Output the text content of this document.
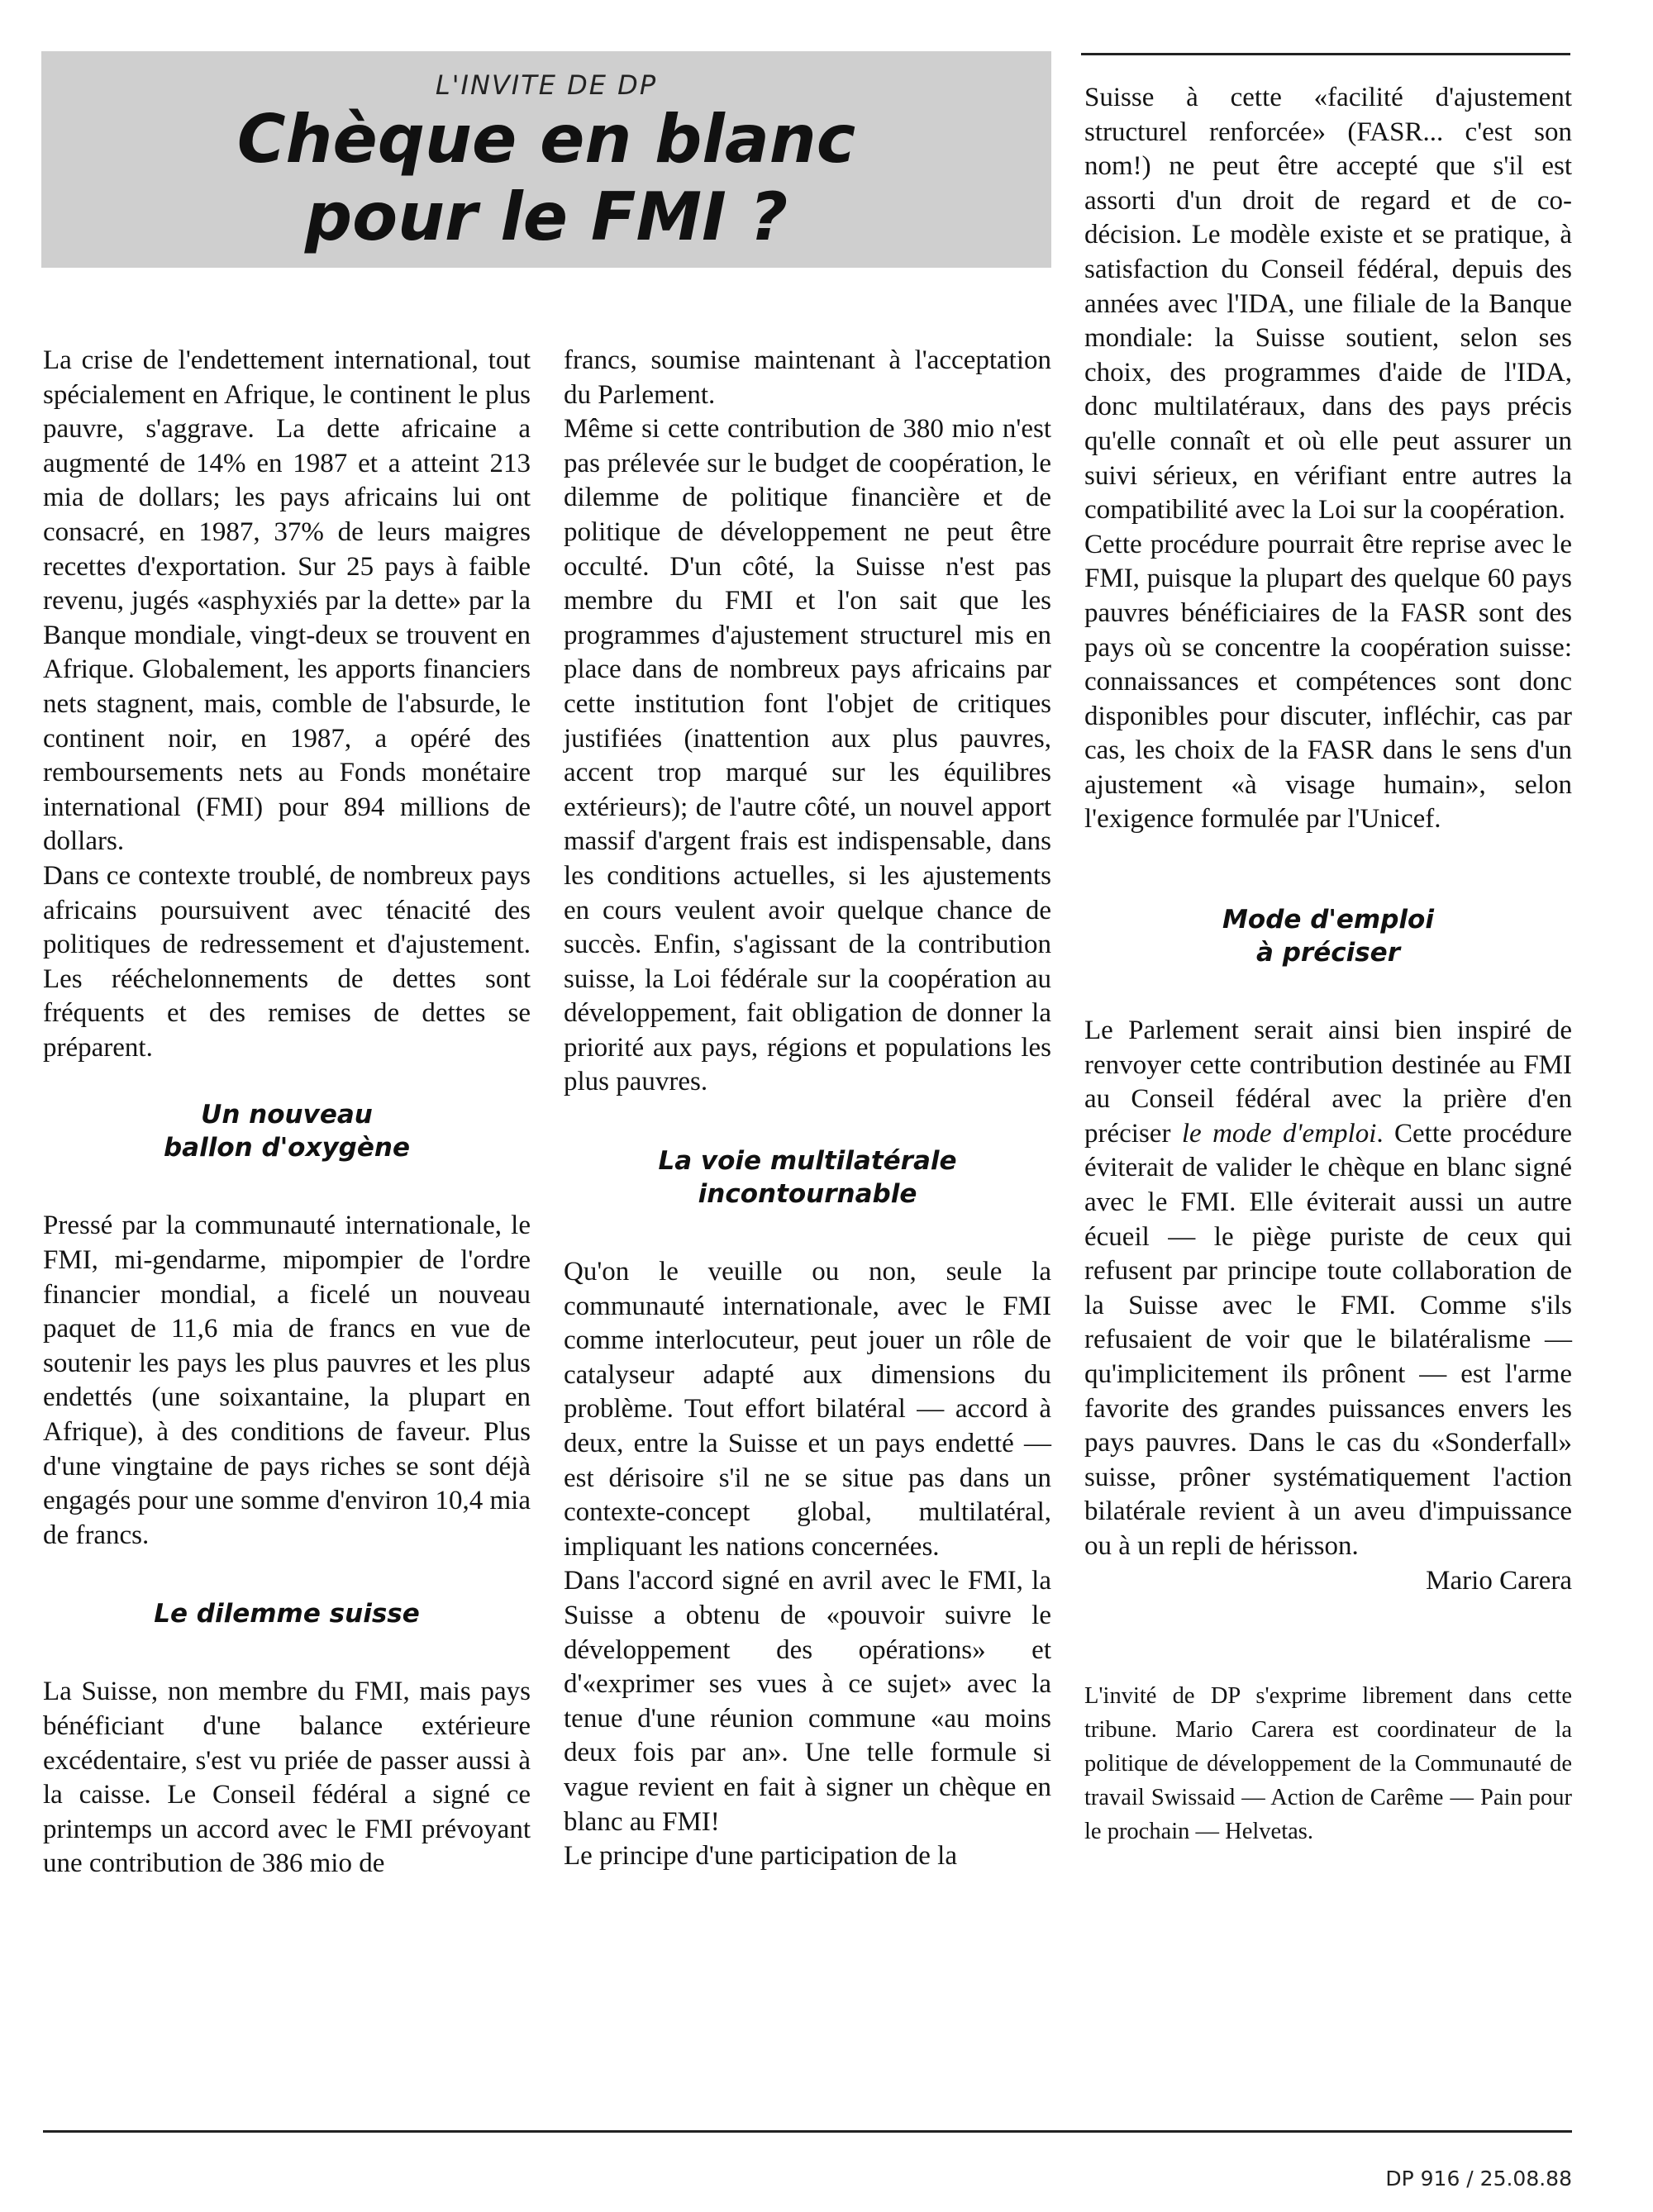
L'INVITE DE DP
Chèque en blanc
pour le FMI ?

La crise de l'endettement international, tout spécialement en Afrique, le continent le plus pauvre, s'aggrave. La dette africaine a augmenté de 14% en 1987 et a atteint 213 mia de dollars; les pays africains lui ont consacré, en 1987, 37% de leurs maigres recettes d'exportation. Sur 25 pays à faible revenu, jugés «asphyxiés par la dette» par la Banque mondiale, vingt-deux se trouvent en Afrique. Globalement, les apports financiers nets stagnent, mais, comble de l'absurde, le continent noir, en 1987, a opéré des remboursements nets au Fonds monétaire international (FMI) pour 894 millions de dollars.

Dans ce contexte troublé, de nombreux pays africains poursuivent avec ténacité des politiques de redressement et d'ajustement. Les rééchelonnements de dettes sont fréquents et des remises de dettes se préparent.

Un nouveau
ballon d'oxygène

Pressé par la communauté internationale, le FMI, mi-gendarme, mipompier de l'ordre financier mondial, a ficelé un nouveau paquet de 11,6 mia de francs en vue de soutenir les pays les plus pauvres et les plus endettés (une soixantaine, la plupart en Afrique), à des conditions de faveur. Plus d'une vingtaine de pays riches se sont déjà engagés pour une somme d'environ 10,4 mia de francs.

Le dilemme suisse

La Suisse, non membre du FMI, mais pays bénéficiant d'une balance extérieure excédentaire, s'est vu priée de passer aussi à la caisse. Le Conseil fédéral a signé ce printemps un accord avec le FMI prévoyant une contribution de 386 mio de

francs, soumise maintenant à l'acceptation du Parlement.

Même si cette contribution de 380 mio n'est pas prélevée sur le budget de coopération, le dilemme de politique financière et de politique de développement ne peut être occulté. D'un côté, la Suisse n'est pas membre du FMI et l'on sait que les programmes d'ajustement structurel mis en place dans de nombreux pays africains par cette institution font l'objet de critiques justifiées (inattention aux plus pauvres, accent trop marqué sur les équilibres extérieurs); de l'autre côté, un nouvel apport massif d'argent frais est indispensable, dans les conditions actuelles, si les ajustements en cours veulent avoir quelque chance de succès. Enfin, s'agissant de la contribution suisse, la Loi fédérale sur la coopération au développement, fait obligation de donner la priorité aux pays, régions et populations les plus pauvres.

La voie multilatérale
incontournable

Qu'on le veuille ou non, seule la communauté internationale, avec le FMI comme interlocuteur, peut jouer un rôle de catalyseur adapté aux dimensions du problème. Tout effort bilatéral — accord à deux, entre la Suisse et un pays endetté — est dérisoire s'il ne se situe pas dans un contexte-concept global, multilatéral, impliquant les nations concernées.

Dans l'accord signé en avril avec le FMI, la Suisse a obtenu de «pouvoir suivre le développement des opérations» et d'«exprimer ses vues à ce sujet» avec la tenue d'une réunion commune «au moins deux fois par an». Une telle formule si vague revient en fait à signer un chèque en blanc au FMI!

Le principe d'une participation de la

Suisse à cette «facilité d'ajustement structurel renforcée» (FASR... c'est son nom!) ne peut être accepté que s'il est assorti d'un droit de regard et de co-décision. Le modèle existe et se pratique, à satisfaction du Conseil fédéral, depuis des années avec l'IDA, une filiale de la Banque mondiale: la Suisse soutient, selon ses choix, des programmes d'aide de l'IDA, donc multilatéraux, dans des pays précis qu'elle connaît et où elle peut assurer un suivi sérieux, en vérifiant entre autres la compatibilité avec la Loi sur la coopération.

Cette procédure pourrait être reprise avec le FMI, puisque la plupart des quelque 60 pays pauvres bénéficiaires de la FASR sont des pays où se concentre la coopération suisse: connaissances et compétences sont donc disponibles pour discuter, infléchir, cas par cas, les choix de la FASR dans le sens d'un ajustement «à visage humain», selon l'exigence formulée par l'Unicef.

Mode d'emploi
à préciser

Le Parlement serait ainsi bien inspiré de renvoyer cette contribution destinée au FMI au Conseil fédéral avec la prière d'en préciser le mode d'emploi. Cette procédure éviterait de valider le chèque en blanc signé avec le FMI. Elle éviterait aussi un autre écueil — le piège puriste de ceux qui refusent par principe toute collaboration de la Suisse avec le FMI. Comme s'ils refusaient de voir que le bilatéralisme — qu'implicitement ils prônent — est l'arme favorite des grandes puissances envers les pays pauvres. Dans le cas du «Sonderfall» suisse, prôner systématiquement l'action bilatérale revient à un aveu d'impuissance ou à un repli de hérisson.

Mario Carera

L'invité de DP s'exprime librement dans cette tribune. Mario Carera est coordinateur de la politique de développement de la Communauté de travail Swissaid — Action de Carême — Pain pour le prochain — Helvetas.

DP 916 / 25.08.88
